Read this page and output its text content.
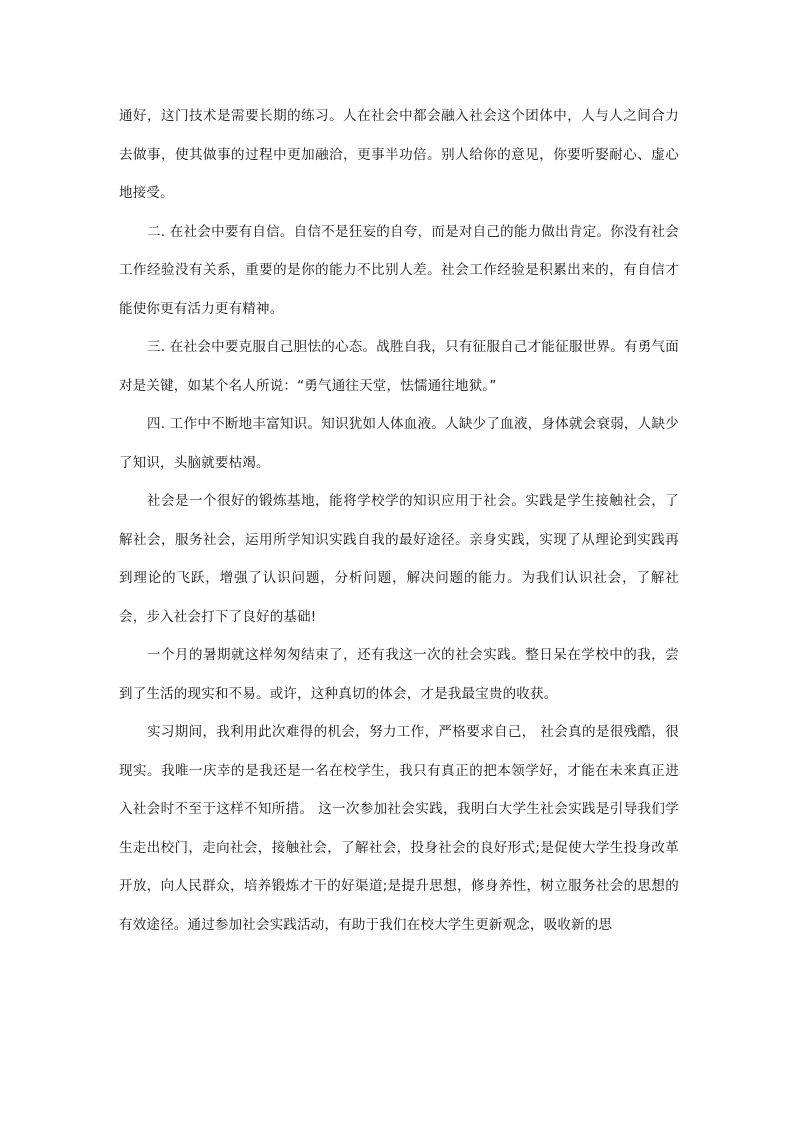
通好，这门技术是需要长期的练习。人在社会中都会融入社会这个团体中，人与人之间合力去做事，使其做事的过程中更加融洽，更事半功倍。别人给你的意见，你要听娶耐心、虚心地接受。

二. 在社会中要有自信。自信不是狂妄的自夸，而是对自己的能力做出肯定。你没有社会工作经验没有关系，重要的是你的能力不比别人差。社会工作经验是积累出来的，有自信才能使你更有活力更有精神。

三. 在社会中要克服自己胆怯的心态。战胜自我，只有征服自己才能征服世界。有勇气面对是关键，如某个名人所说：“勇气通往天堂，怯懦通往地狱。”

四. 工作中不断地丰富知识。知识犹如人体血液。人缺少了血液，身体就会衰弱，人缺少了知识，头脑就要枯竭。

社会是一个很好的锻炼基地，能将学校学的知识应用于社会。实践是学生接触社会，了解社会，服务社会，运用所学知识实践自我的最好途径。亲身实践，实现了从理论到实践再到理论的飞跃，增强了认识问题，分析问题，解决问题的能力。为我们认识社会，了解社会，步入社会打下了良好的基础!

一个月的暑期就这样匆匆结束了，还有我这一次的社会实践。整日呆在学校中的我，尝到了生活的现实和不易。或许，这种真切的体会，才是我最宝贵的收获。

实习期间，我利用此次难得的机会，努力工作，严格要求自己， 社会真的是很残酷，很现实。我唯一庆幸的是我还是一名在校学生，我只有真正的把本领学好，才能在未来真正进入社会时不至于这样不知所措。 这一次参加社会实践，我明白大学生社会实践是引导我们学生走出校门，走向社会，接触社会，了解社会，投身社会的良好形式;是促使大学生投身改革开放，向人民群众，培养锻炼才干的好渠道;是提升思想，修身养性，树立服务社会的思想的有效途径。通过参加社会实践活动，有助于我们在校大学生更新观念，吸收新的思
